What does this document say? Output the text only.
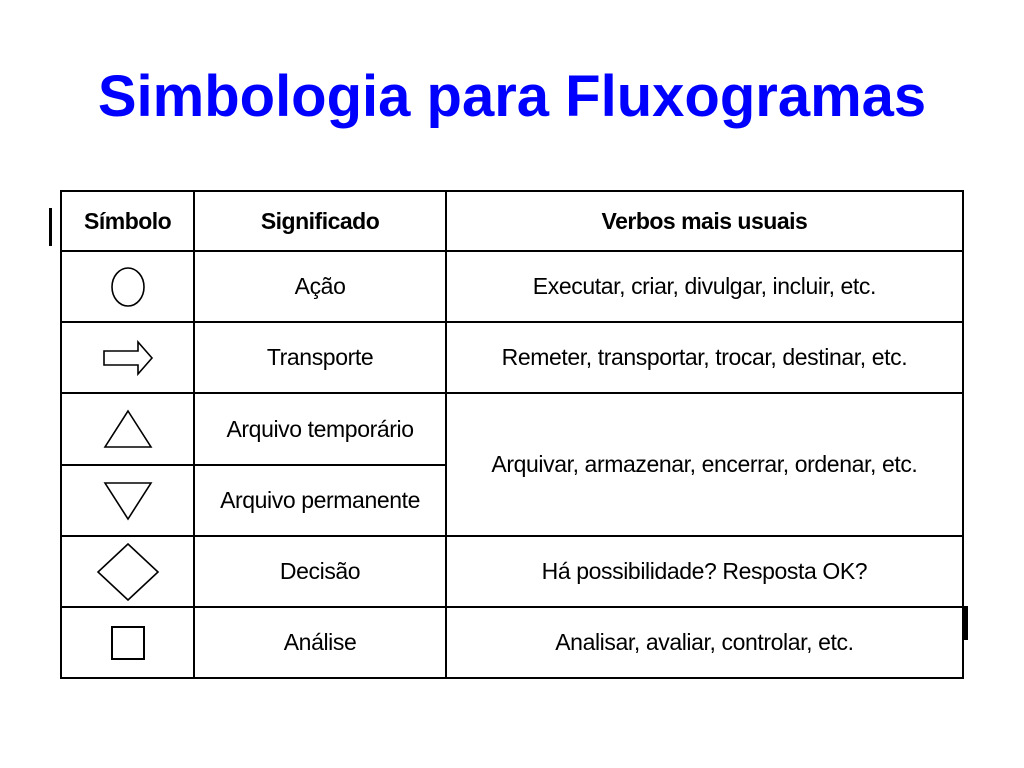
Simbologia para Fluxogramas
Símbolo	Significado	Verbos mais usuais

	Ação	Executar, criar, divulgar, incluir, etc.

	Transporte	Remeter, transportar, trocar, destinar, etc.

	Arquivo temporário	Arquivar, armazenar, encerrar, ordenar, etc.

	Arquivo permanente	

	Decisão	Há possibilidade? Resposta OK?

	Análise	Analisar, avaliar, controlar, etc.
